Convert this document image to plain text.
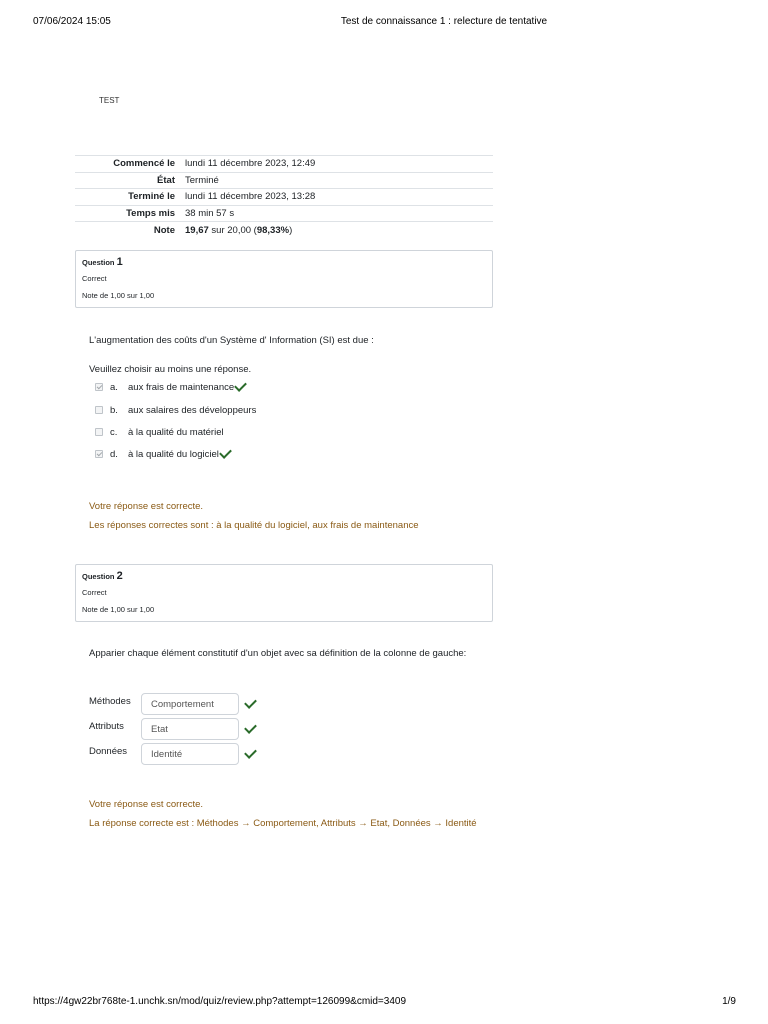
07/06/2024 15:05	Test de connaissance 1 : relecture de tentative
TEST
Commencé le	lundi 11 décembre 2023, 12:49
État	Terminé
Terminé le	lundi 11 décembre 2023, 13:28
Temps mis	38 min 57 s
Note	19,67 sur 20,00 (98,33%)
Question 1
Correct
Note de 1,00 sur 1,00
L'augmentation des coûts d'un Système d' Information (SI) est due :
Veuillez choisir au moins une réponse.
a.	aux frais de maintenance
b.	aux salaires des développeurs
c.	à la qualité du matériel
d.	à la qualité du logiciel
Votre réponse est correcte.
Les réponses correctes sont : à la qualité du logiciel, aux frais de maintenance
Question 2
Correct
Note de 1,00 sur 1,00
Apparier chaque élément constitutif d'un objet avec sa définition de la colonne de gauche:
Méthodes	Comportement
Attributs	Etat
Données	Identité
Votre réponse est correcte.
La réponse correcte est : Méthodes → Comportement, Attributs → Etat, Données → Identité
https://4gw22br768te-1.unchk.sn/mod/quiz/review.php?attempt=126099&cmid=3409	1/9
